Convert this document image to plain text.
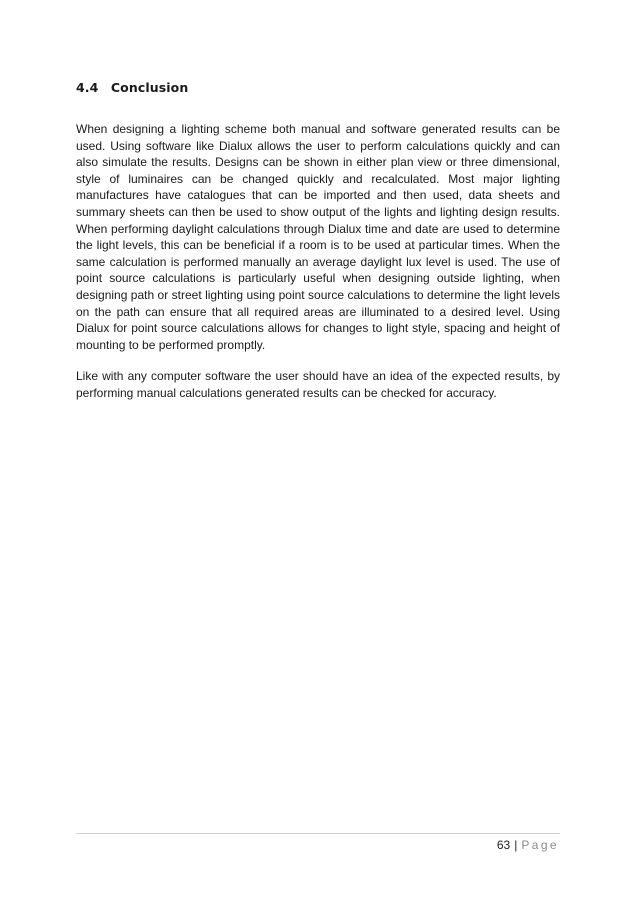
4.4 Conclusion

When designing a lighting scheme both manual and software generated results can be used. Using software like Dialux allows the user to perform calculations quickly and can also simulate the results. Designs can be shown in either plan view or three dimensional, style of luminaires can be changed quickly and recalculated. Most major lighting manufactures have catalogues that can be imported and then used, data sheets and summary sheets can then be used to show output of the lights and lighting design results. When performing daylight calculations through Dialux time and date are used to determine the light levels, this can be beneficial if a room is to be used at particular times. When the same calculation is performed manually an average daylight lux level is used. The use of point source calculations is particularly useful when designing outside lighting, when designing path or street lighting using point source calculations to determine the light levels on the path can ensure that all required areas are illuminated to a desired level. Using Dialux for point source calculations allows for changes to light style, spacing and height of mounting to be performed promptly.

Like with any computer software the user should have an idea of the expected results, by performing manual calculations generated results can be checked for accuracy.

63 | Page
